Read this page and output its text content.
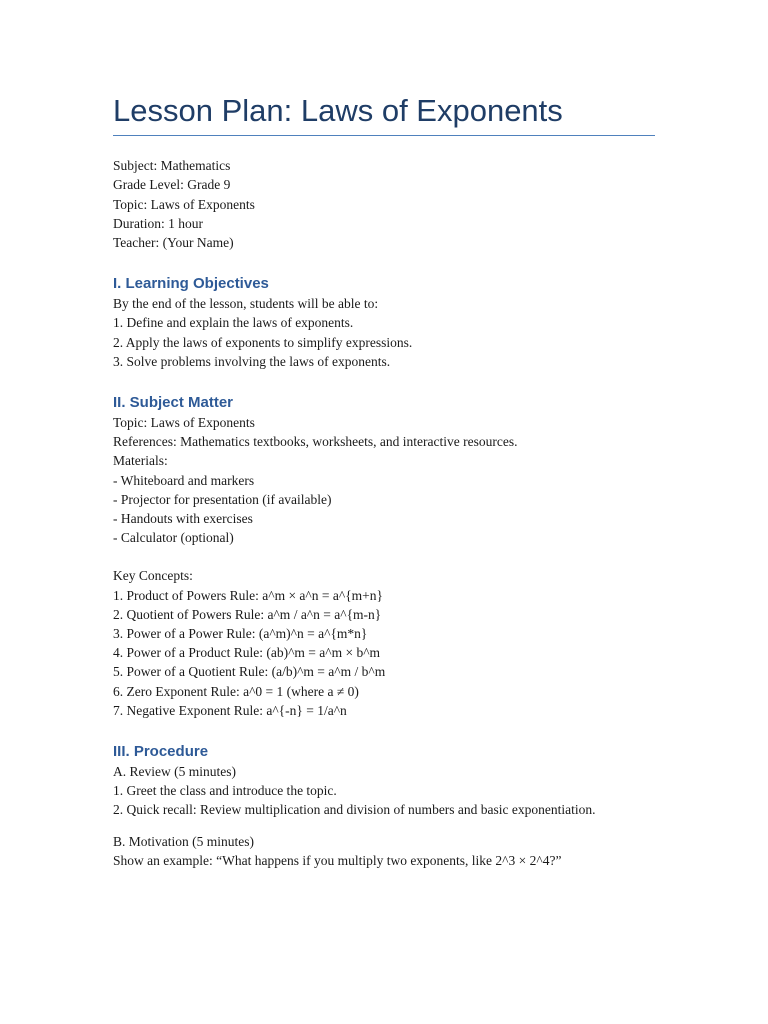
Lesson Plan: Laws of Exponents

Subject: Mathematics

Grade Level: Grade 9

Topic: Laws of Exponents

Duration: 1 hour

Teacher: (Your Name)

I. Learning Objectives

By the end of the lesson, students will be able to:

1. Define and explain the laws of exponents.

2. Apply the laws of exponents to simplify expressions.

3. Solve problems involving the laws of exponents.

II. Subject Matter

Topic: Laws of Exponents

References: Mathematics textbooks, worksheets, and interactive resources.

Materials:

- Whiteboard and markers

- Projector for presentation (if available)

- Handouts with exercises

- Calculator (optional)

Key Concepts:

1. Product of Powers Rule: a^m × a^n = a^{m+n}

2. Quotient of Powers Rule: a^m / a^n = a^{m-n}

3. Power of a Power Rule: (a^m)^n = a^{m*n}

4. Power of a Product Rule: (ab)^m = a^m × b^m

5. Power of a Quotient Rule: (a/b)^m = a^m / b^m

6. Zero Exponent Rule: a^0 = 1 (where a ≠ 0)

7. Negative Exponent Rule: a^{-n} = 1/a^n

III. Procedure

A. Review (5 minutes)

1. Greet the class and introduce the topic.

2. Quick recall: Review multiplication and division of numbers and basic exponentiation.

B. Motivation (5 minutes)

Show an example: “What happens if you multiply two exponents, like 2^3 × 2^4?”
